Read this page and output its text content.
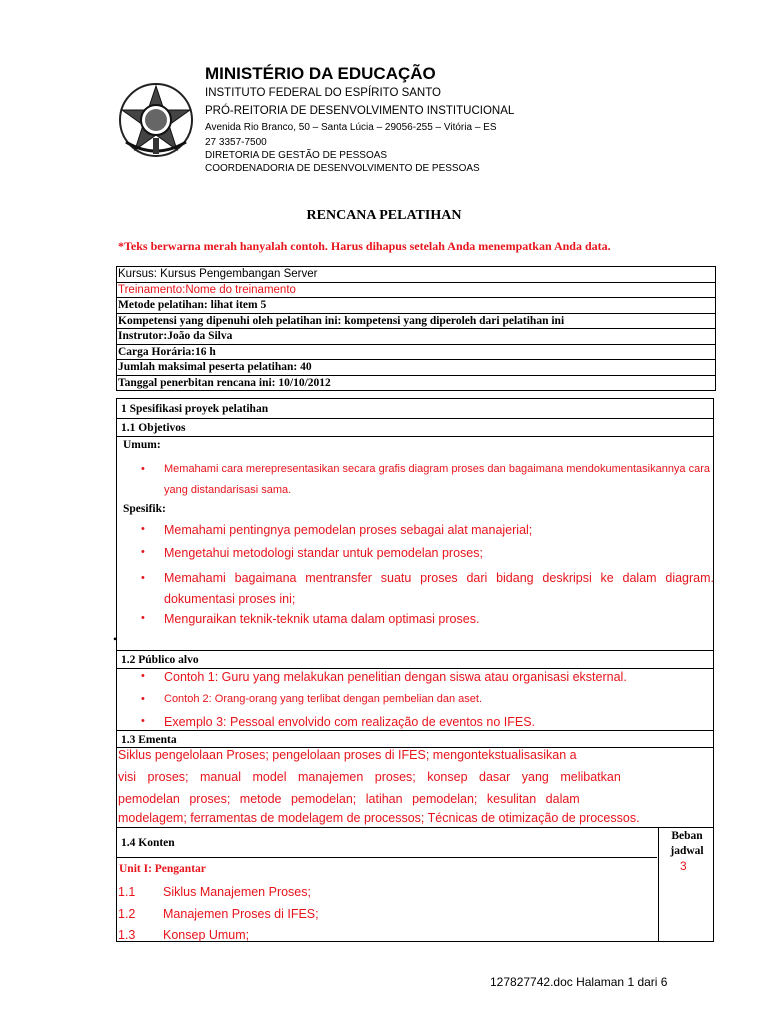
MINISTÉRIO DA EDUCAÇÃO
INSTITUTO FEDERAL DO ESPÍRITO SANTO
PRÓ-REITORIA DE DESENVOLVIMENTO INSTITUCIONAL
Avenida Rio Branco, 50 – Santa Lúcia – 29056-255 – Vitória – ES
27 3357-7500
DIRETORIA DE GESTÃO DE PESSOAS
COORDENADORIA DE DESENVOLVIMENTO DE PESSOAS
RENCANA PELATIHAN
*Teks berwarna merah hanyalah contoh. Harus dihapus setelah Anda menempatkan Anda data.
Kursus: Kursus Pengembangan Server
Treinamento:Nome do treinamento
Metode pelatihan: lihat item 5
Kompetensi yang dipenuhi oleh pelatihan ini: kompetensi yang diperoleh dari pelatihan ini
Instrutor:João da Silva
Carga Horária:16 h
Jumlah maksimal peserta pelatihan: 40
Tanggal penerbitan rencana ini: 10/10/2012
1 Spesifikasi proyek pelatihan
1.1 Objetivos
Umum:
• Memahami cara merepresentasikan secara grafis diagram proses dan bagaimana mendokumentasikannya cara yang distandarisasi sama.
Spesifik:
• Memahami pentingnya pemodelan proses sebagai alat manajerial;
• Mengetahui metodologi standar untuk pemodelan proses;
• Memahami bagaimana mentransfer suatu proses dari bidang deskripsi ke dalam diagram. dokumentasi proses ini;
• Menguraikan teknik-teknik utama dalam optimasi proses.
1.2 Público alvo
• Contoh 1: Guru yang melakukan penelitian dengan siswa atau organisasi eksternal.
• Contoh 2: Orang-orang yang terlibat dengan pembelian dan aset.
• Exemplo 3: Pessoal envolvido com realização de eventos no IFES.
1.3 Ementa
Siklus pengelolaan Proses; pengelolaan proses di IFES; mengontekstualisasikan a
visi proses; manual model manajemen proses; konsep dasar yang melibatkan
pemodelan proses; metode pemodelan; latihan pemodelan; kesulitan dalam
modelagem; ferramentas de modelagem de processos; Técnicas de otimização de processos.
1.4 Konten
Beban jadwal
Unit I: Pengantar	3
1.1 Siklus Manajemen Proses;
1.2 Manajemen Proses di IFES;
1.3 Konsep Umum;
•
127827742.doc Halaman 1 dari 6
